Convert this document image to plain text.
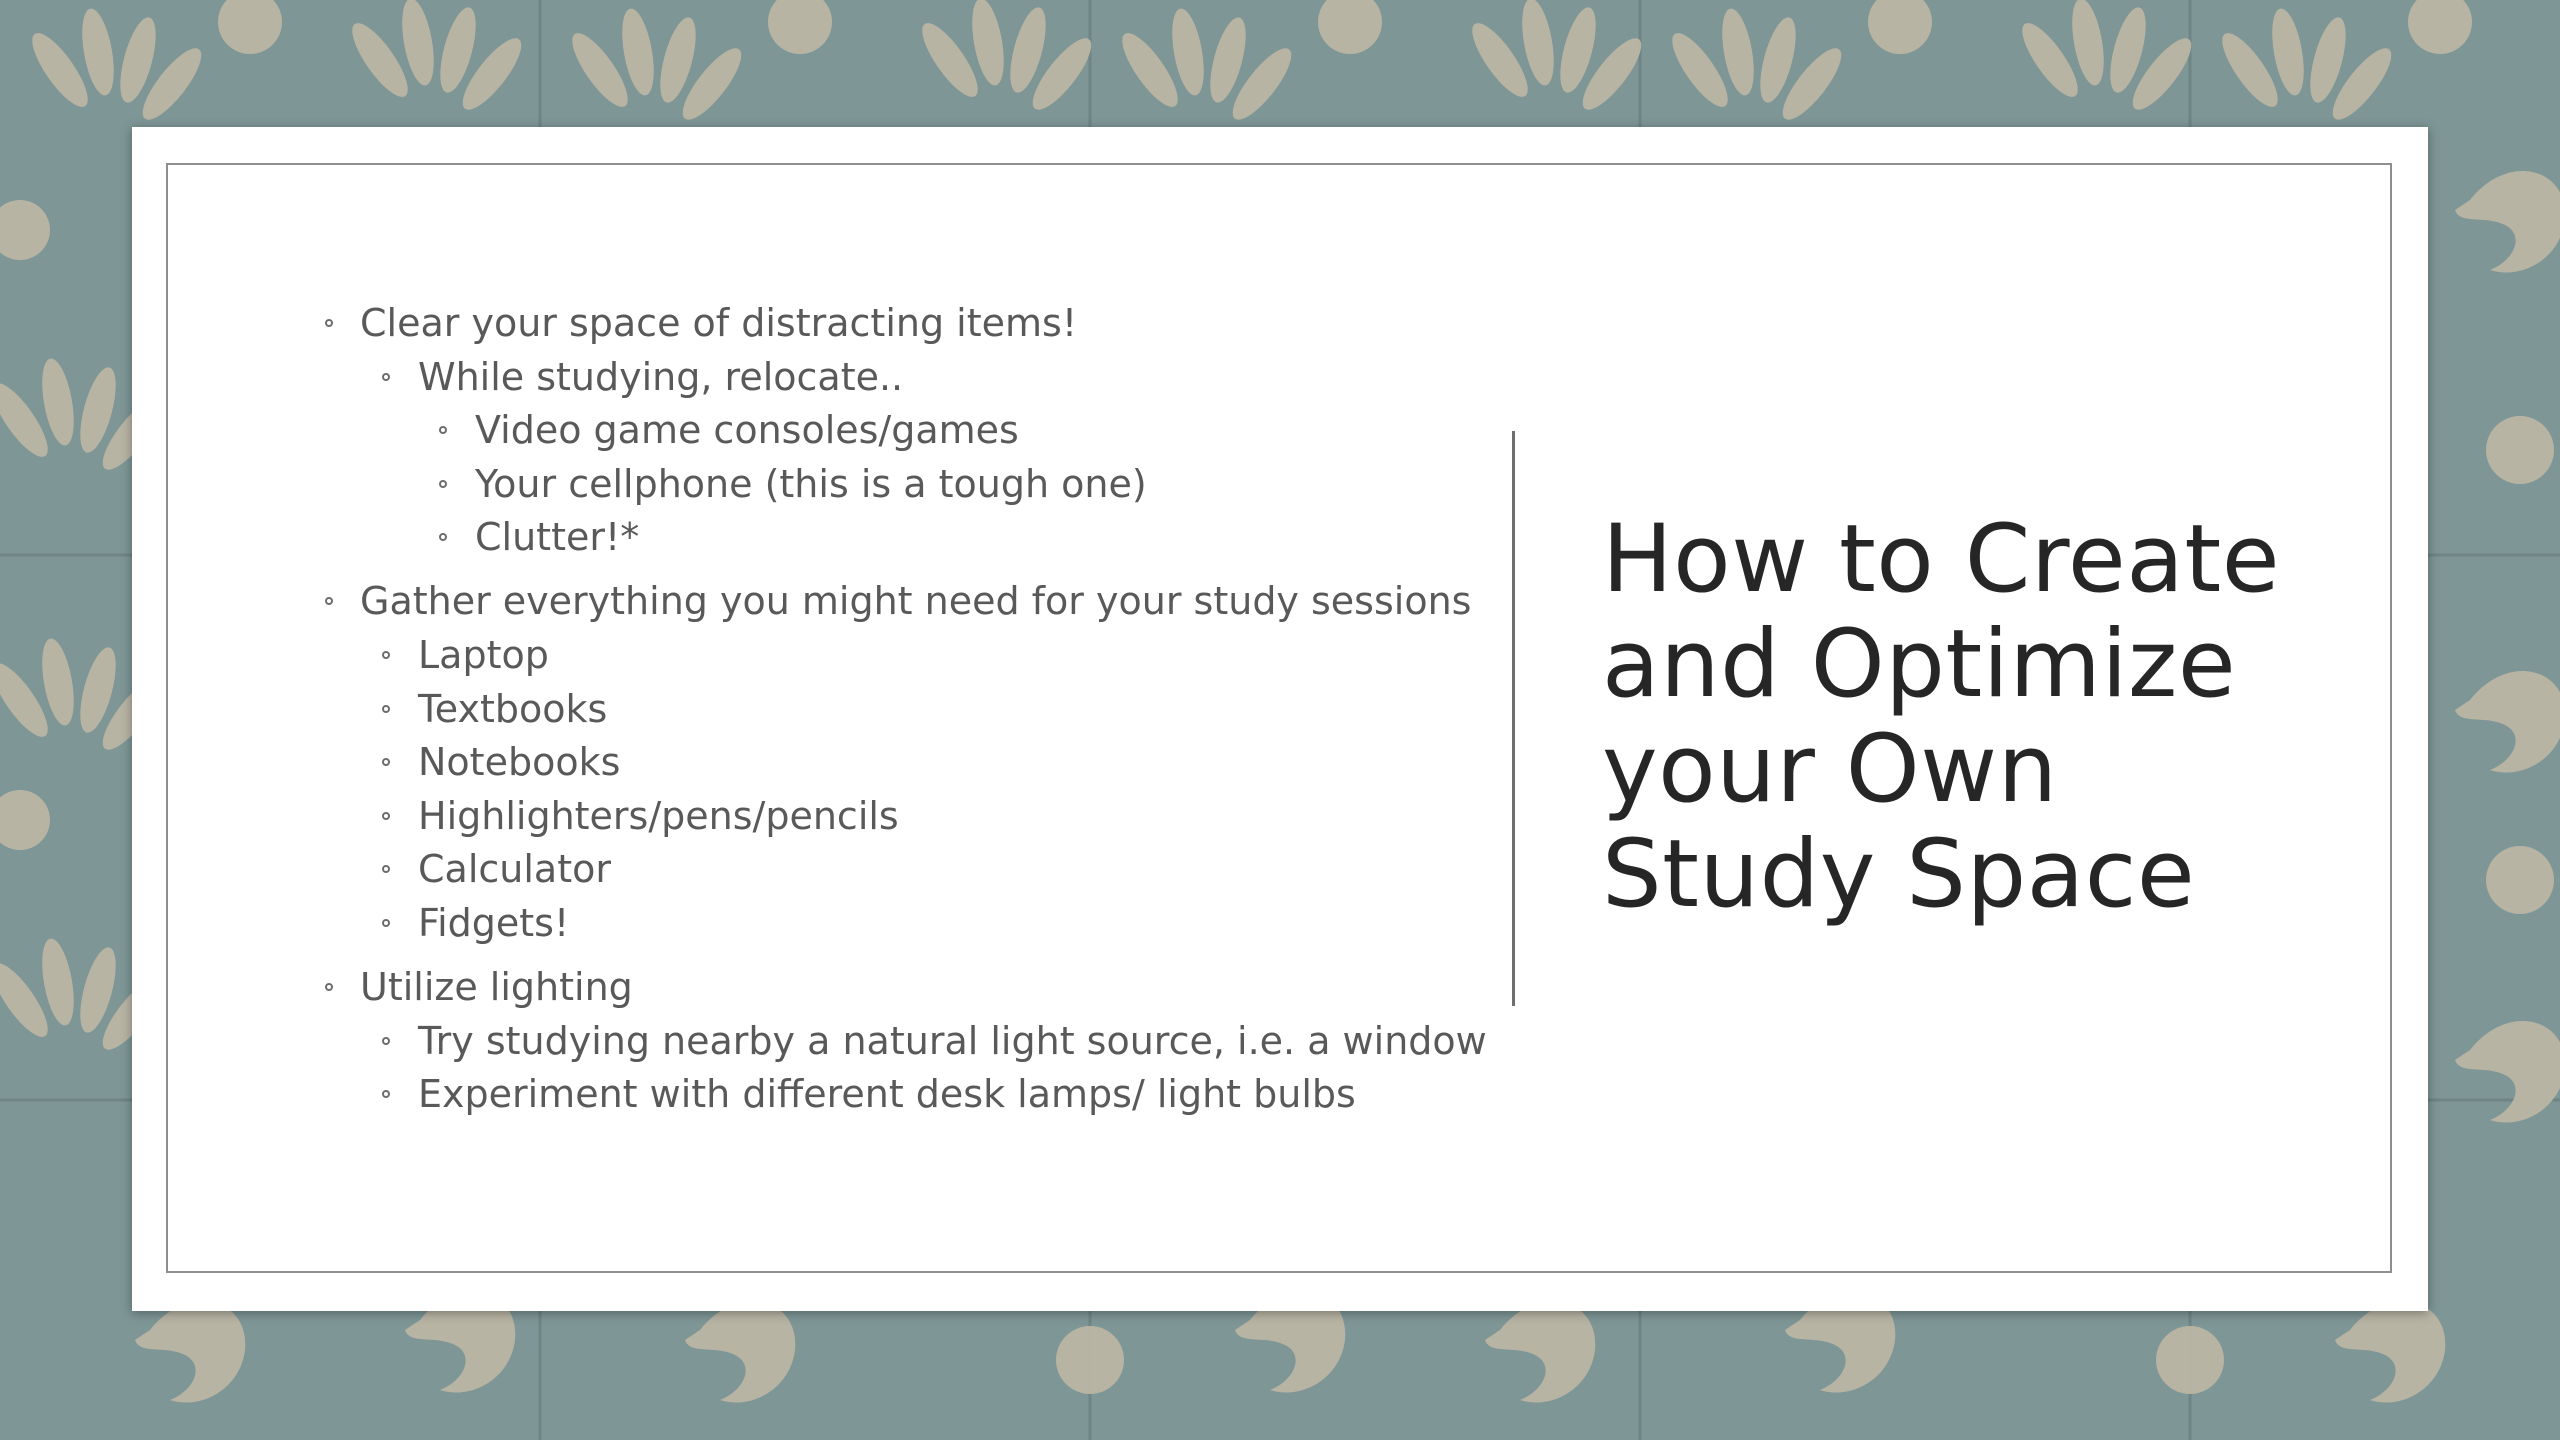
Clear your space of distracting items!
While studying, relocate..
Video game consoles/games
Your cellphone (this is a tough one)
Clutter!*
Gather everything you might need for your study sessions
Laptop
Textbooks
Notebooks
Highlighters/pens/pencils
Calculator
Fidgets!
Utilize lighting
Try studying nearby a natural light source, i.e. a window
Experiment with different desk lamps/ light bulbs
How to Create
and Optimize
your Own
Study Space
